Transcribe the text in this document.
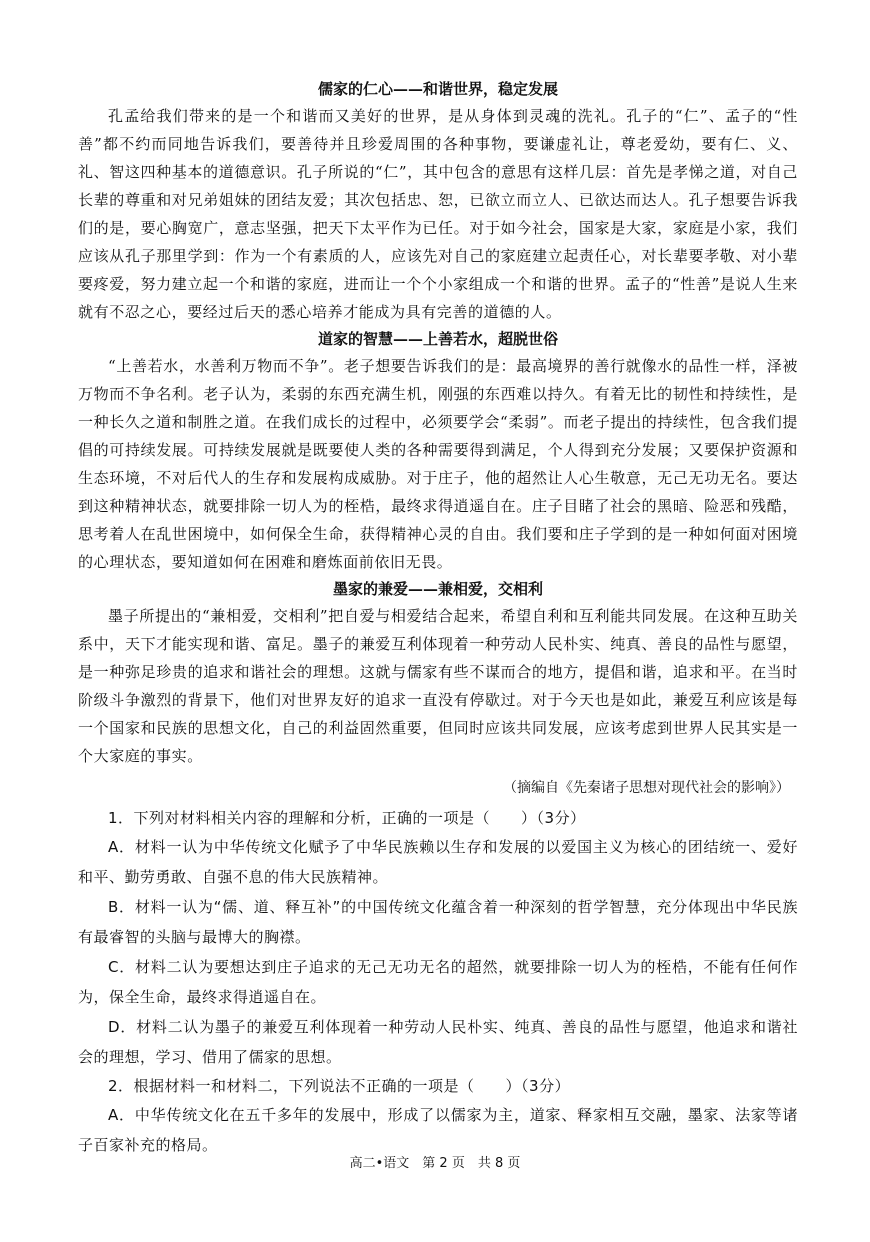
儒家的仁心——和谐世界，稳定发展

孔孟给我们带来的是一个和谐而又美好的世界，是从身体到灵魂的洗礼。孔子的“仁”、孟子的“性善”都不约而同地告诉我们，要善待并且珍爱周围的各种事物，要谦虚礼让，尊老爱幼，要有仁、义、礼、智这四种基本的道德意识。孔子所说的“仁”，其中包含的意思有这样几层：首先是孝悌之道，对自己长辈的尊重和对兄弟姐妹的团结友爱；其次包括忠、恕，已欲立而立人、已欲达而达人。孔子想要告诉我们的是，要心胸宽广，意志坚强，把天下太平作为已任。对于如今社会，国家是大家，家庭是小家，我们应该从孔子那里学到：作为一个有素质的人，应该先对自己的家庭建立起责任心，对长辈要孝敬、对小辈要疼爱，努力建立起一个和谐的家庭，进而让一个个小家组成一个和谐的世界。孟子的“性善”是说人生来就有不忍之心，要经过后天的悉心培养才能成为具有完善的道德的人。

道家的智慧——上善若水，超脱世俗

“上善若水，水善利万物而不争”。老子想要告诉我们的是：最高境界的善行就像水的品性一样，泽被万物而不争名利。老子认为，柔弱的东西充满生机，刚强的东西难以持久。有着无比的韧性和持续性，是一种长久之道和制胜之道。在我们成长的过程中，必须要学会“柔弱”。而老子提出的持续性，包含我们提倡的可持续发展。可持续发展就是既要使人类的各种需要得到满足，个人得到充分发展；又要保护资源和生态环境，不对后代人的生存和发展构成威胁。对于庄子，他的超然让人心生敬意，无己无功无名。要达到这种精神状态，就要排除一切人为的桎梏，最终求得逍遥自在。庄子目睹了社会的黑暗、险恶和残酷，思考着人在乱世困境中，如何保全生命，获得精神心灵的自由。我们要和庄子学到的是一种如何面对困境的心理状态，要知道如何在困难和磨炼面前依旧无畏。

墨家的兼爱——兼相爱，交相利

墨子所提出的“兼相爱，交相利”把自爱与相爱结合起来，希望自利和互利能共同发展。在这种互助关系中，天下才能实现和谐、富足。墨子的兼爱互利体现着一种劳动人民朴实、纯真、善良的品性与愿望，是一种弥足珍贵的追求和谐社会的理想。这就与儒家有些不谋而合的地方，提倡和谐，追求和平。在当时阶级斗争激烈的背景下，他们对世界友好的追求一直没有停歇过。对于今天也是如此，兼爱互利应该是每一个国家和民族的思想文化，自己的利益固然重要，但同时应该共同发展，应该考虑到世界人民其实是一个大家庭的事实。

（摘编自《先秦诸子思想对现代社会的影响》）

1．下列对材料相关内容的理解和分析，正确的一项是（　　）（3分）

A．材料一认为中华传统文化赋予了中华民族赖以生存和发展的以爱国主义为核心的团结统一、爱好和平、勤劳勇敢、自强不息的伟大民族精神。

B．材料一认为“儒、道、释互补”的中国传统文化蕴含着一种深刻的哲学智慧，充分体现出中华民族有最睿智的头脑与最博大的胸襟。

C．材料二认为要想达到庄子追求的无己无功无名的超然，就要排除一切人为的桎梏，不能有任何作为，保全生命，最终求得逍遥自在。

D．材料二认为墨子的兼爱互利体现着一种劳动人民朴实、纯真、善良的品性与愿望，他追求和谐社会的理想，学习、借用了儒家的思想。

2．根据材料一和材料二，下列说法不正确的一项是（　　）（3分）

A．中华传统文化在五千多年的发展中，形成了以儒家为主，道家、释家相互交融，墨家、法家等诸子百家补充的格局。

高二•语文　第 2 页　共 8 页
